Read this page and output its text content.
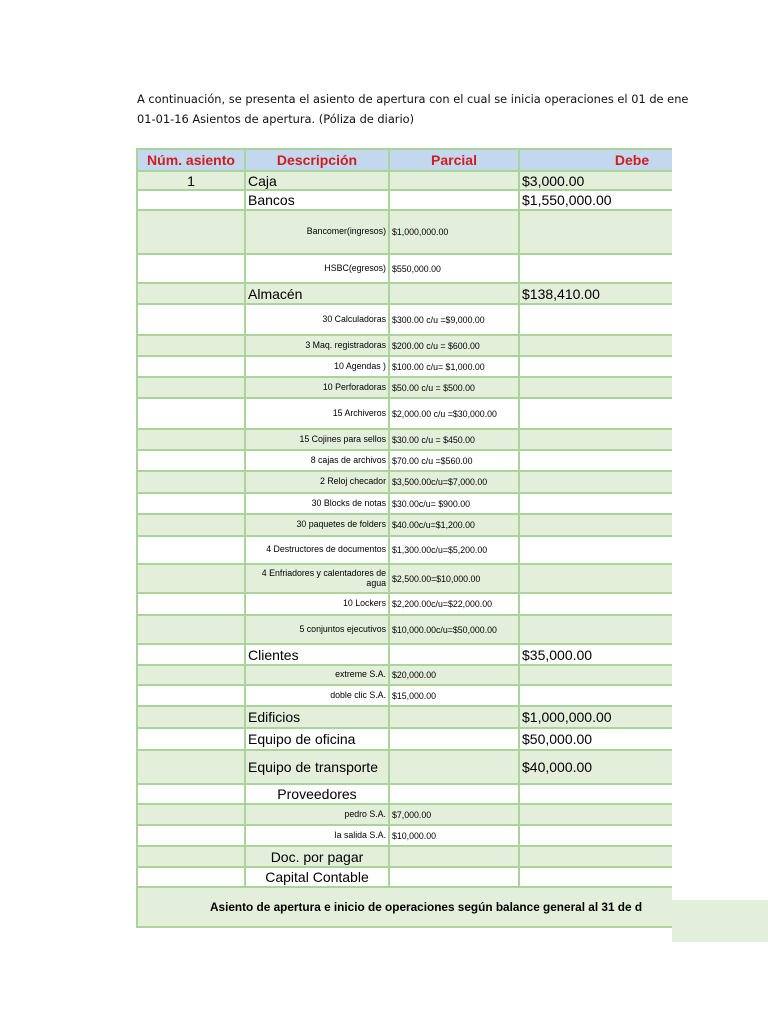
A continuación, se presenta el asiento de apertura con el cual se inicia operaciones el 01 de ene
01-01-16 Asientos de apertura. (Póliza de diario)
Núm. asiento	Descripción	Parcial	Debe
1	Caja		$3,000.00
	Bancos		$1,550,000.00
	Bancomer(ingresos)	$1,000,000.00	
	HSBC(egresos)	$550,000.00	
	Almacén		$138,410.00
	30 Calculadoras	$300.00 c/u =$9,000.00	
	3 Maq. registradoras	$200.00 c/u = $600.00	
	10 Agendas )	$100.00 c/u= $1,000.00	
	10 Perforadoras	$50.00 c/u = $500.00	
	15 Archiveros	$2,000.00 c/u =$30,000.00	
	15 Cojines para sellos	$30.00 c/u = $450.00	
	8 cajas de archivos	$70.00 c/u =$560.00	
	2 Reloj checador	$3,500.00c/u=$7,000.00	
	30 Blocks de notas	$30.00c/u= $900.00	
	30 paquetes de folders	$40.00c/u=$1,200.00	
	4 Destructores de documentos	$1,300.00c/u=$5,200.00	
	4 Enfriadores y calentadores de agua	$2,500.00=$10,000.00	
	10 Lockers	$2,200.00c/u=$22,000.00	
	5 conjuntos ejecutivos	$10,000.00c/u=$50,000.00	
	Clientes		$35,000.00
	extreme S.A.	$20,000.00	
	doble clic S.A.	$15,000.00	
	Edificios		$1,000,000.00
	Equipo de oficina		$50,000.00
	Equipo de transporte		$40,000.00
	Proveedores		
	pedro S.A.	$7,000.00	
	la salida S.A.	$10,000.00	
	Doc. por pagar		
	Capital Contable		
Asiento de apertura e inicio de operaciones según balance general al 31 de d			
